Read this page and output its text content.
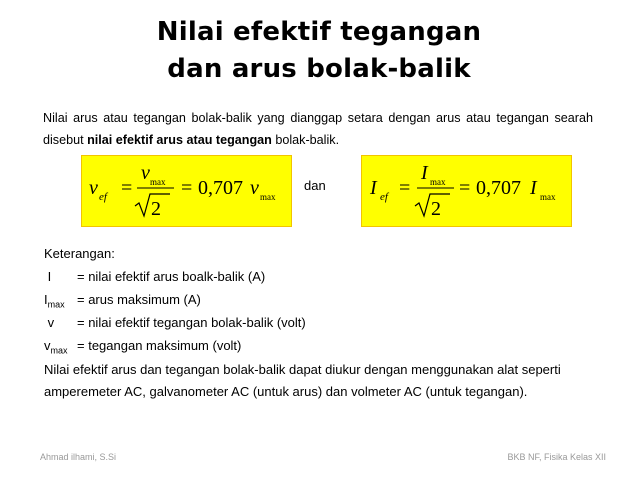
Nilai efektif tegangan
dan arus bolak-balik
Nilai arus atau tegangan bolak-balik yang dianggap setara dengan arus atau tegangan searah disebut nilai efektif arus atau tegangan bolak-balik.
v ef =
v max
2
= 0,707 v max
dan I ef =
I max
2
= 0,707 I max
Keterangan:
I = nilai efektif arus boalk-balik (A)
$I_{max}$ = arus maksimum (A)
v = nilai efektif tegangan bolak-balik (volt)
$v_{max}$ = tegangan maksimum (volt)
Nilai efektif arus dan tegangan bolak-balik dapat diukur dengan menggunakan alat seperti amperemeter AC, galvanometer AC (untuk arus) dan volmeter AC (untuk tegangan).
Ahmad ilhami, S.Si	BKB NF, Fisika Kelas XII
